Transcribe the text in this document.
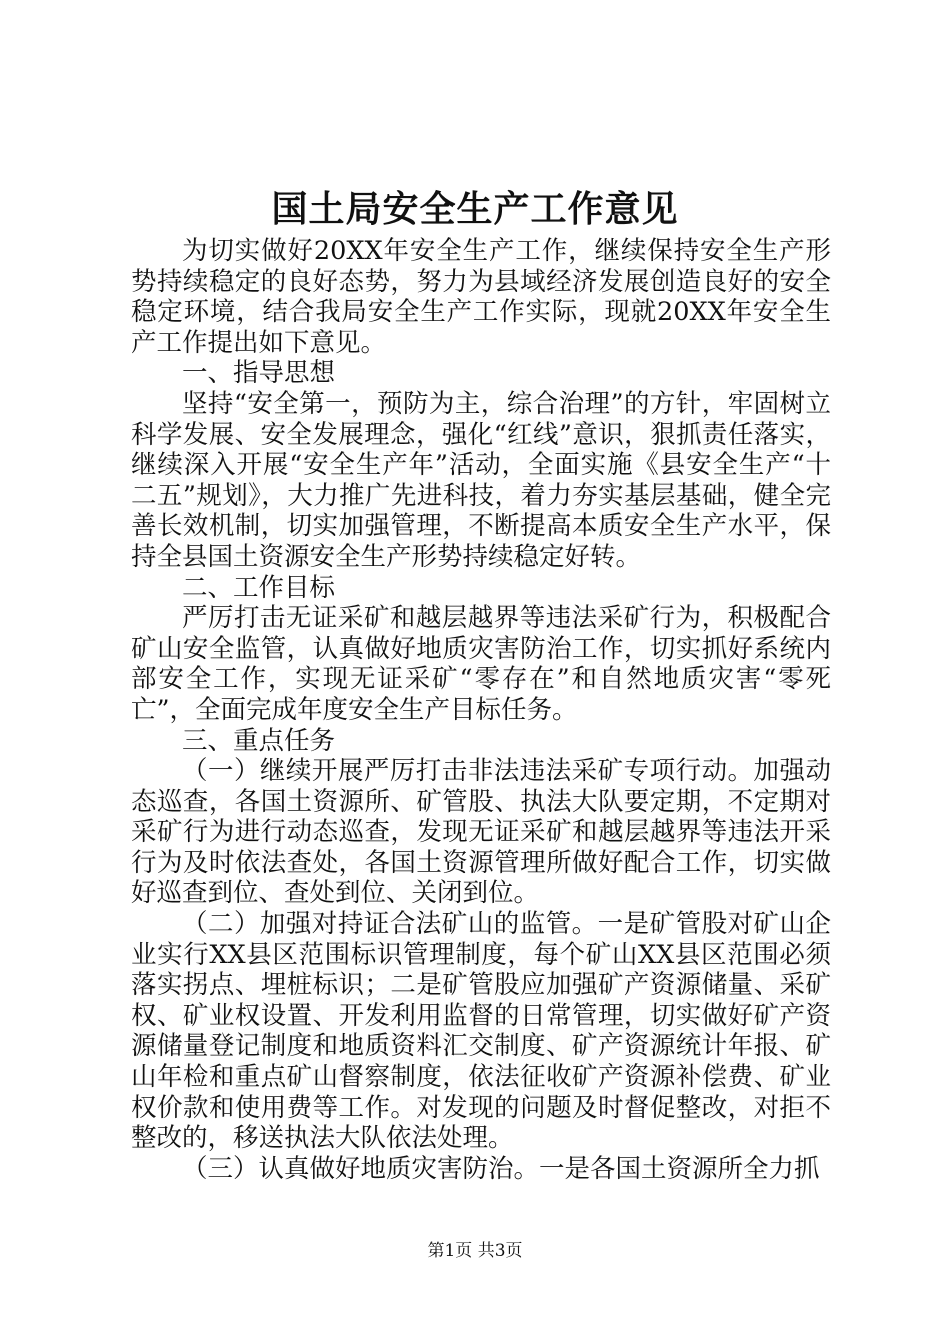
国土局安全生产工作意见

为切实做好20XX年安全生产工作，继续保持安全生产形势持续稳定的良好态势，努力为县域经济发展创造良好的安全稳定环境，结合我局安全生产工作实际，现就20XX年安全生产工作提出如下意见。

一、指导思想

坚持“安全第一，预防为主，综合治理”的方针，牢固树立科学发展、安全发展理念，强化“红线”意识，狠抓责任落实，继续深入开展“安全生产年”活动，全面实施《县安全生产“十二五”规划》，大力推广先进科技，着力夯实基层基础，健全完善长效机制，切实加强管理，不断提高本质安全生产水平，保持全县国土资源安全生产形势持续稳定好转。

二、工作目标

严厉打击无证采矿和越层越界等违法采矿行为，积极配合矿山安全监管，认真做好地质灾害防治工作，切实抓好系统内部安全工作，实现无证采矿“零存在”和自然地质灾害“零死亡”，全面完成年度安全生产目标任务。

三、重点任务

（一）继续开展严厉打击非法违法采矿专项行动。加强动态巡查，各国土资源所、矿管股、执法大队要定期，不定期对采矿行为进行动态巡查，发现无证采矿和越层越界等违法开采行为及时依法查处，各国土资源管理所做好配合工作，切实做好巡查到位、查处到位、关闭到位。

（二）加强对持证合法矿山的监管。一是矿管股对矿山企业实行XX县区范围标识管理制度，每个矿山XX县区范围必须落实拐点、埋桩标识；二是矿管股应加强矿产资源储量、采矿权、矿业权设置、开发利用监督的日常管理，切实做好矿产资源储量登记制度和地质资料汇交制度、矿产资源统计年报、矿山年检和重点矿山督察制度，依法征收矿产资源补偿费、矿业权价款和使用费等工作。对发现的问题及时督促整改，对拒不整改的，移送执法大队依法处理。

（三）认真做好地质灾害防治。一是各国土资源所全力抓

第1页 共3页
